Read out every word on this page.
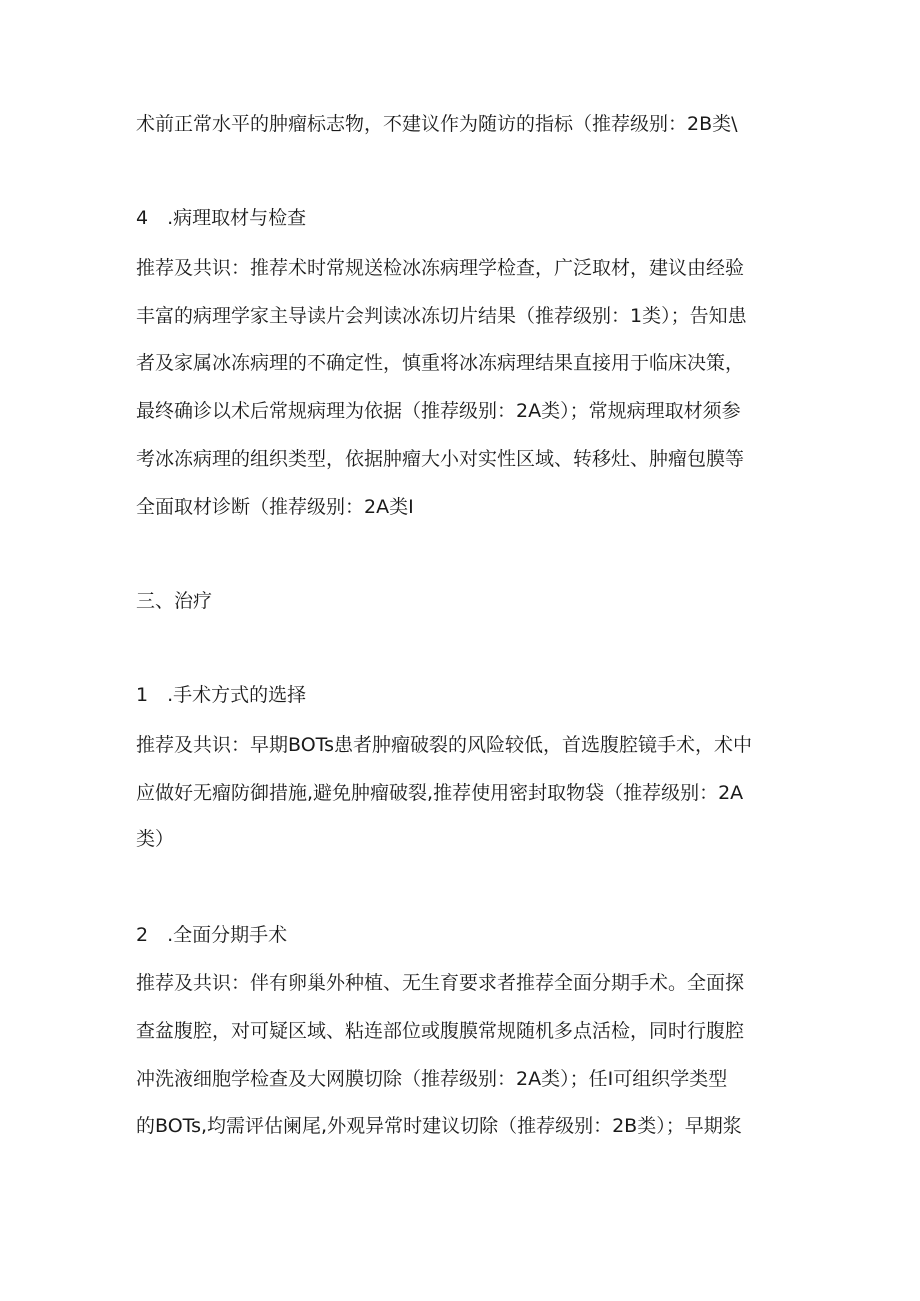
术前正常水平的肿瘤标志物，不建议作为随访的指标（推荐级别：2B类\
4　.病理取材与检查
推荐及共识：推荐术时常规送检冰冻病理学检查，广泛取材，建议由经验
丰富的病理学家主导读片会判读冰冻切片结果（推荐级别：1类）；告知患
者及家属冰冻病理的不确定性，慎重将冰冻病理结果直接用于临床决策，
最终确诊以术后常规病理为依据（推荐级别：2A类）；常规病理取材须参
考冰冻病理的组织类型，依据肿瘤大小对实性区域、转移灶、肿瘤包膜等
全面取材诊断（推荐级别：2A类I
三、治疗
1　.手术方式的选择
推荐及共识：早期BOTs患者肿瘤破裂的风险较低，首选腹腔镜手术，术中
应做好无瘤防御措施,避免肿瘤破裂,推荐使用密封取物袋（推荐级别：2A
类）
2　.全面分期手术
推荐及共识：伴有卵巢外种植、无生育要求者推荐全面分期手术。全面探
查盆腹腔，对可疑区域、粘连部位或腹膜常规随机多点活检，同时行腹腔
冲洗液细胞学检查及大网膜切除（推荐级别：2A类）；任I可组织学类型
的BOTs,均需评估阑尾,外观异常时建议切除（推荐级别：2B类）；早期浆
